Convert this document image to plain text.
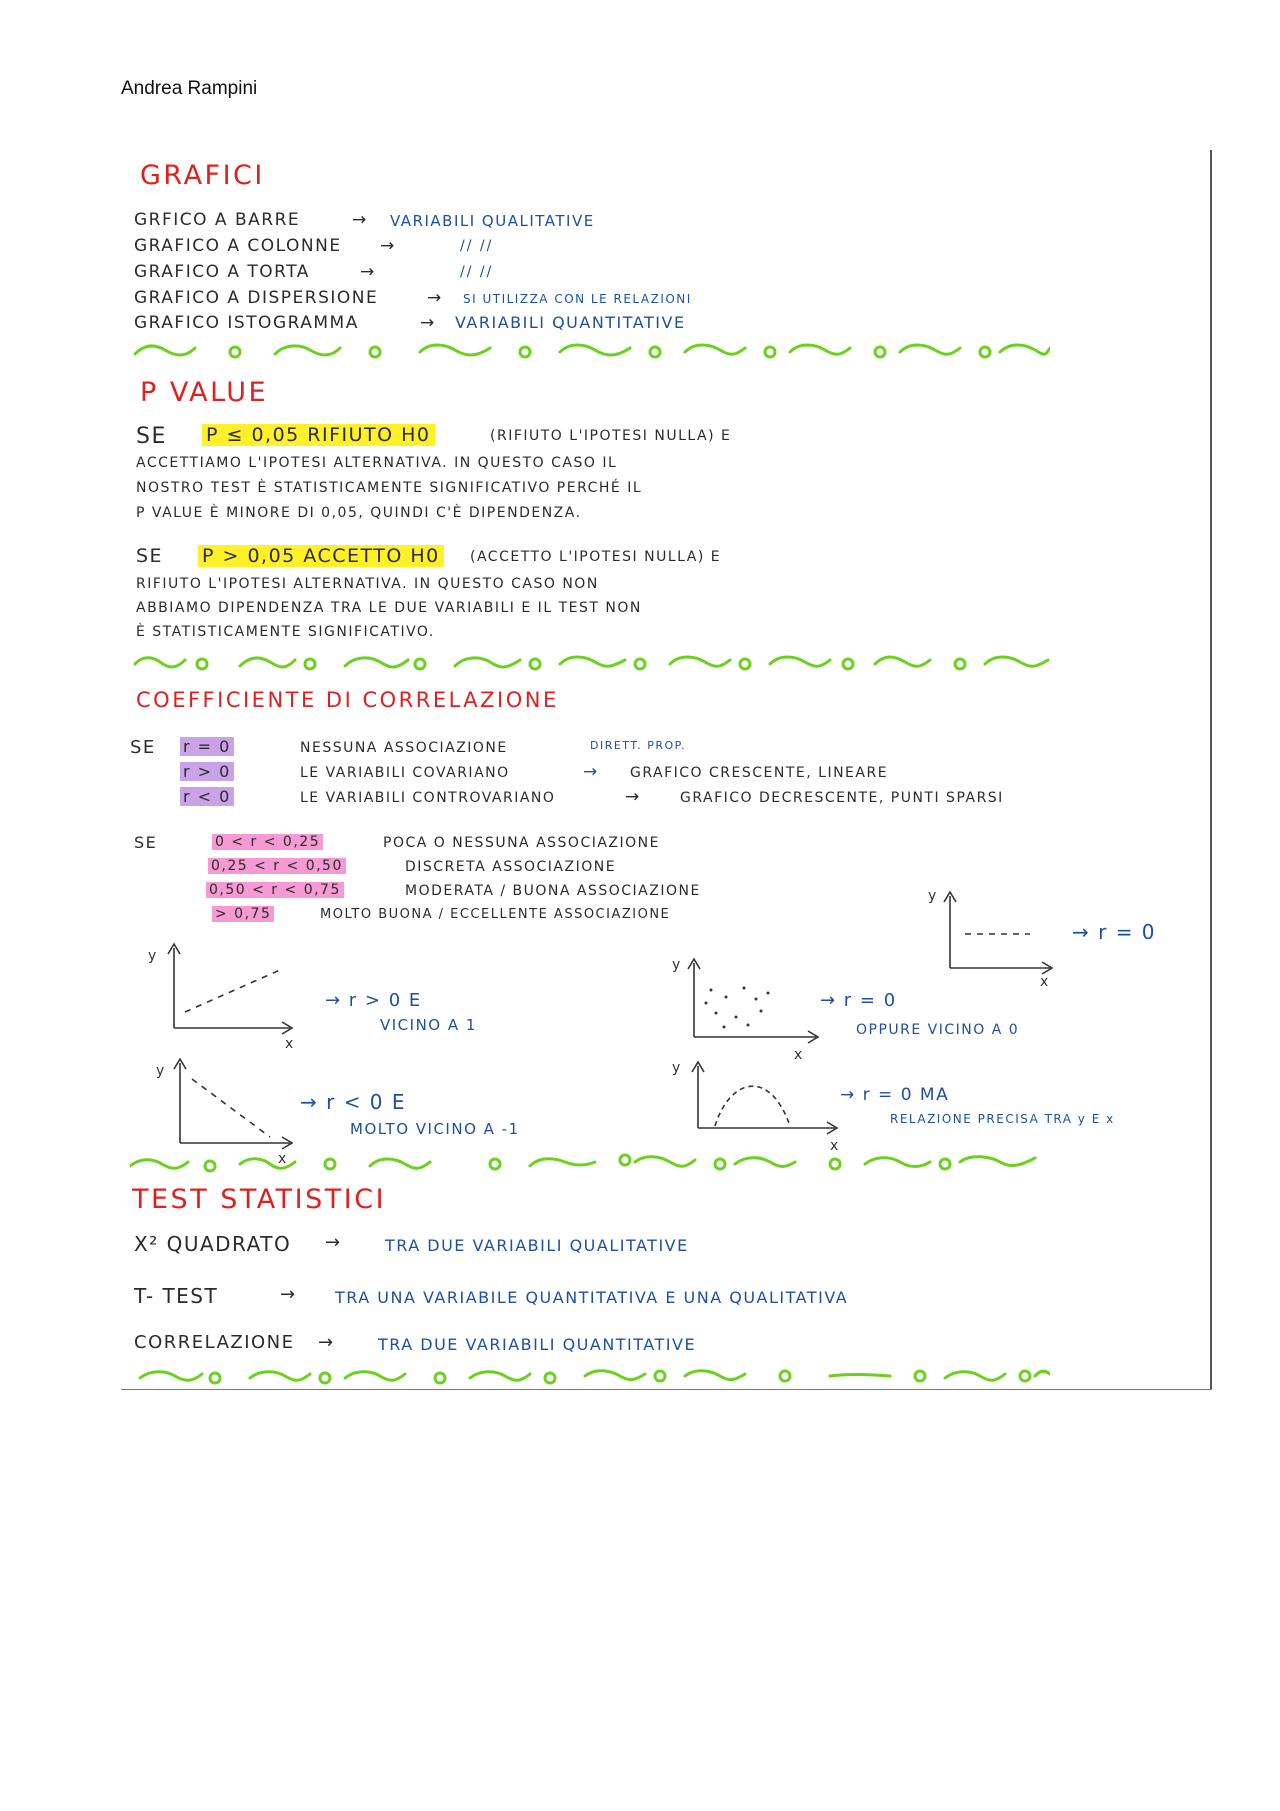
Andrea Rampini
GRAFICI
GRFICO A BARRE	→ VARIABILI QUALITATIVE
GRAFICO A COLONNE →	// //
GRAFICO A TORTA	→	// //
GRAFICO A DISPERSIONE	→ SI UTILIZZA CON LE RELAZIONI
GRAFICO ISTOGRAMMA	→ VARIABILI QUANTITATIVE
P VALUE
SE P ≤ 0,05 RIFIUTO H0	(RIFIUTO L'IPOTESI NULLA) E
ACCETTIAMO L'IPOTESI ALTERNATIVA. IN QUESTO CASO IL
NOSTRO TEST È STATISTICAMENTE SIGNIFICATIVO PERCHÉ IL
P VALUE È MINORE DI 0,05, QUINDI C'È DIPENDENZA.
SE P > 0,05 ACCETTO H0 (ACCETTO L'IPOTESI NULLA) E
RIFIUTO L'IPOTESI ALTERNATIVA. IN QUESTO CASO NON
ABBIAMO DIPENDENZA TRA LE DUE VARIABILI E IL TEST NON
È STATISTICAMENTE SIGNIFICATIVO.
COEFFICIENTE DI CORRELAZIONE
SE r = 0	NESSUNA ASSOCIAZIONE	DIRETT. PROP.
r > 0	LE VARIABILI COVARIANO	→ GRAFICO CRESCENTE, LINEARE
r < 0	LE VARIABILI CONTROVARIANO	→	GRAFICO DECRESCENTE, PUNTI SPARSI
SE	0 < r < 0,25	POCA O NESSUNA ASSOCIAZIONE
0,25 < r < 0,50	DISCRETA ASSOCIAZIONE
0,50 < r < 0,75	MODERATA / BUONA ASSOCIAZIONE
> 0,75	MOLTO BUONA / ECCELLENTE ASSOCIAZIONE
y
x
→ r = 0
y
x
→ r > 0 E
VICINO A 1
y
x
→ r = 0
OPPURE VICINO A 0
y
x
→ r < 0 E
MOLTO VICINO A -1
y
x
→ r = 0 MA
RELAZIONE PRECISA TRA y E x
TEST STATISTICI
X² QUADRATO →	TRA DUE VARIABILI QUALITATIVE
T- TEST	→ TRA UNA VARIABILE QUANTITATIVA E UNA QUALITATIVA
CORRELAZIONE →	TRA DUE VARIABILI QUANTITATIVE
